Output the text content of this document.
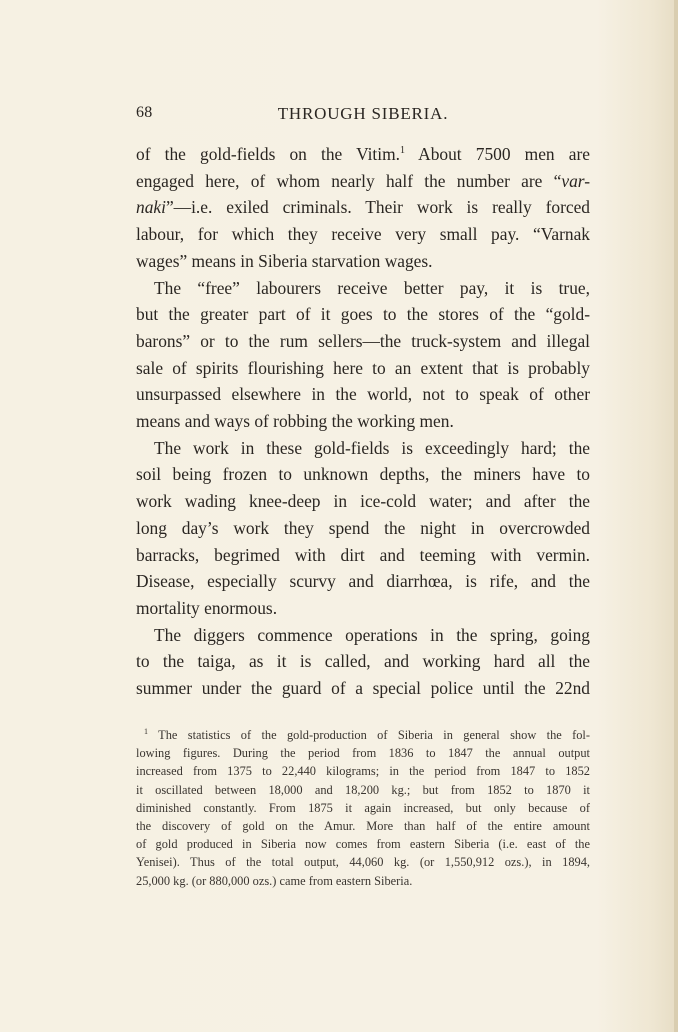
68	THROUGH SIBERIA.

of the gold-fields on the Vitim.$^1$ About 7500 men are
engaged here, of whom nearly half the number are “var-
naki”—i.e. exiled criminals. Their work is really forced
labour, for which they receive very small pay. “Varnak
wages” means in Siberia starvation wages.

The “free” labourers receive better pay, it is true,
but the greater part of it goes to the stores of the “gold-
barons” or to the rum sellers—the truck-system and illegal
sale of spirits flourishing here to an extent that is probably
unsurpassed elsewhere in the world, not to speak of other
means and ways of robbing the working men.

The work in these gold-fields is exceedingly hard; the
soil being frozen to unknown depths, the miners have to
work wading knee-deep in ice-cold water; and after the
long day’s work they spend the night in overcrowded
barracks, begrimed with dirt and teeming with vermin.
Disease, especially scurvy and diarrhœa, is rife, and the
mortality enormous.

The diggers commence operations in the spring, going
to the taiga, as it is called, and working hard all the
summer under the guard of a special police until the 22nd

$^1$ The statistics of the gold-production of Siberia in general show the fol-
lowing figures. During the period from 1836 to 1847 the annual output
increased from 1375 to 22,440 kilograms; in the period from 1847 to 1852
it oscillated between 18,000 and 18,200 kg.; but from 1852 to 1870 it
diminished constantly. From 1875 it again increased, but only because of
the discovery of gold on the Amur. More than half of the entire amount
of gold produced in Siberia now comes from eastern Siberia (i.e. east of the
Yenisei). Thus of the total output, 44,060 kg. (or 1,550,912 ozs.), in 1894,
25,000 kg. (or 880,000 ozs.) came from eastern Siberia.
